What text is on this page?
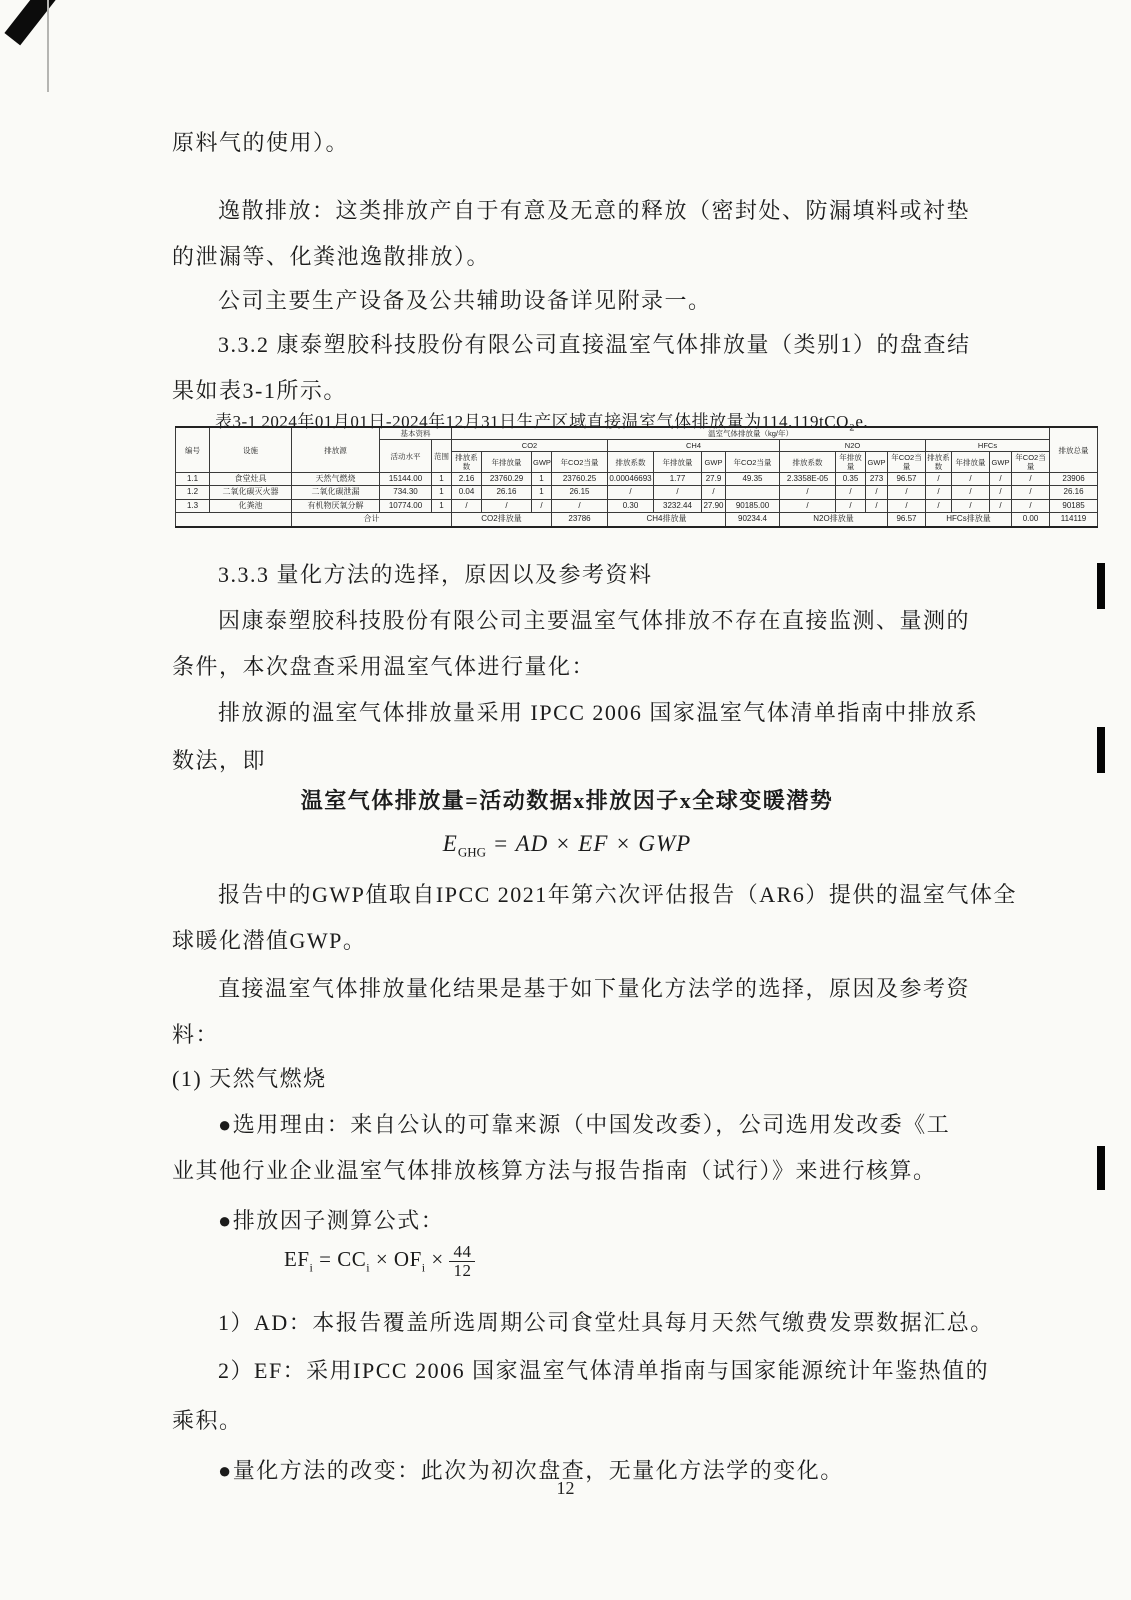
原料气的使用）。

逸散排放：这类排放产自于有意及无意的释放（密封处、防漏填料或衬垫

的泄漏等、化粪池逸散排放）。

公司主要生产设备及公共辅助设备详见附录一。

3.3.2 康泰塑胶科技股份有限公司直接温室气体排放量（类别1）的盘查结

果如表3-1所示。

表3-1 2024年01月01日-2024年12月31日生产区域直接温室气体排放量为114.119tCO₂e.

编号	设施	排放源	基本资料		温室气体排放量（kg/年）																排放总量
			活动水平	范围	CO2				CH4				N2O				HFCs				
					排放系数	年排放量	GWP	年CO2当量	排放系数	年排放量	GWP	年CO2当量	排放系数	年排放量	GWP	年CO2当量	排放系数	年排放量	GWP	年CO2当量	
1.1	食堂灶具	天然气燃烧	15144.00	1	2.16	23760.29	1	23760.25	0.00046693	1.77	27.9	49.35	2.3358E-05	0.35	273	96.57	/	/	/	/	23906
1.2	二氧化碳灭火器	二氧化碳泄漏	734.30	1	0.04	26.16	1	26.15	/	/	/		/	/	/	/	/	/	/	/	26.16
1.3	化粪池	有机物厌氧分解	10774.00	1	/	/	/	/	0.30	3232.44	27.90	90185.00	/	/	/	/	/	/	/	/	90185
		合计			CO2排放量			23786	CH4排放量			90234.4	N2O排放量			96.57	HFCs排放量			0.00	114119

3.3.3 量化方法的选择，原因以及参考资料

因康泰塑胶科技股份有限公司主要温室气体排放不存在直接监测、量测的

条件，本次盘查采用温室气体进行量化：

排放源的温室气体排放量采用 IPCC 2006 国家温室气体清单指南中排放系

数法，即

温室气体排放量=活动数据x排放因子x全球变暖潜势

$E_{GHG}$ = AD × EF × GWP

报告中的GWP值取自IPCC 2021年第六次评估报告（AR6）提供的温室气体全

球暖化潜值GWP。

直接温室气体排放量化结果是基于如下量化方法学的选择，原因及参考资

料：

(1) 天然气燃烧

●选用理由：来自公认的可靠来源（中国发改委），公司选用发改委《工

业其他行业企业温室气体排放核算方法与报告指南（试行）》来进行核算。

●排放因子测算公式：

$EF_i = CC_i \times OF_i \times \frac{44}{12}$

1）AD：本报告覆盖所选周期公司食堂灶具每月天然气缴费发票数据汇总。

2）EF：采用IPCC 2006 国家温室气体清单指南与国家能源统计年鉴热值的

乘积。

●量化方法的改变：此次为初次盘查，无量化方法学的变化。

12
